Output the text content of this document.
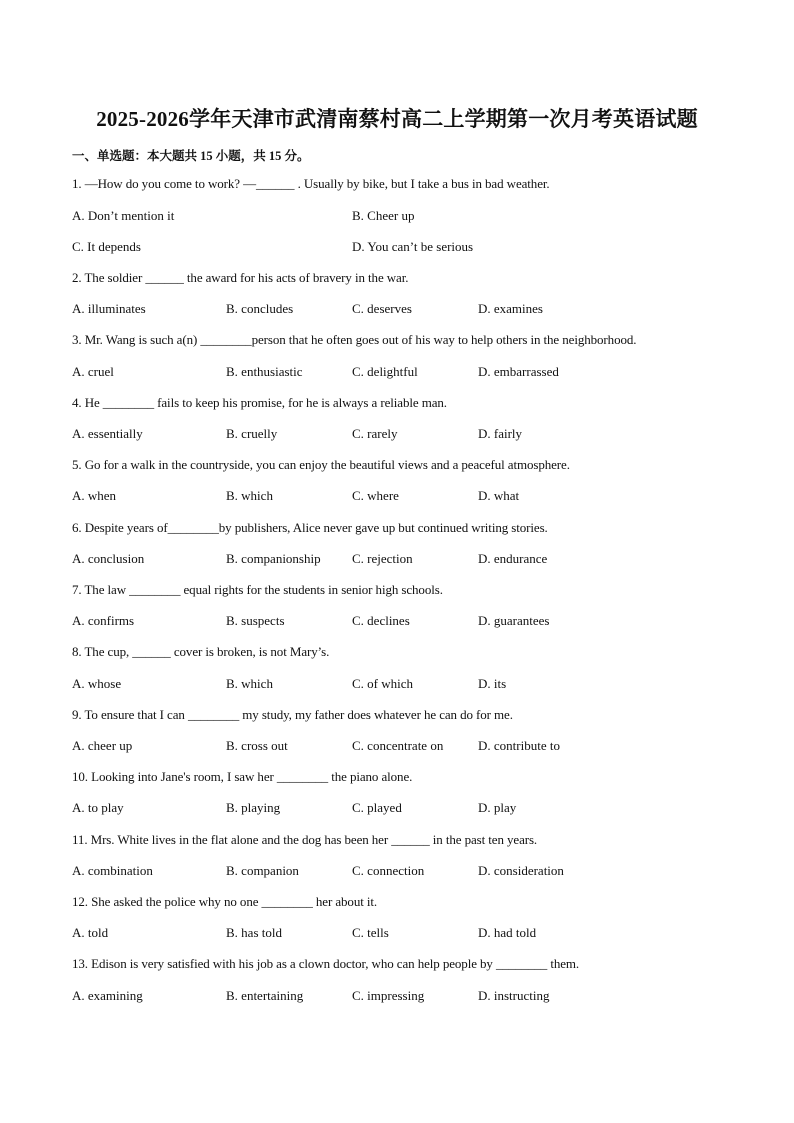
2025-2026学年天津市武清南蔡村高二上学期第一次月考英语试题
一、单选题：本大题共 15 小题，共 15 分。
1. —How do you come to work? —______ . Usually by bike, but I take a bus in bad weather.
A. Don’t mention it	B. Cheer up
C. It depends	D. You can’t be serious
2. The soldier ______ the award for his acts of bravery in the war.
A. illuminates	B. concludes	C. deserves	D. examines
3. Mr. Wang is such a(n) ________person that he often goes out of his way to help others in the neighborhood.
A. cruel	B. enthusiastic	C. delightful	D. embarrassed
4. He ________ fails to keep his promise, for he is always a reliable man.
A. essentially	B. cruelly	C. rarely	D. fairly
5. Go for a walk in the countryside, you can enjoy the beautiful views and a peaceful atmosphere.
A. when	B. which	C. where	D. what
6. Despite years of________by publishers, Alice never gave up but continued writing stories.
A. conclusion	B. companionship C. rejection	D. endurance
7. The law ________ equal rights for the students in senior high schools.
A. confirms	B. suspects	C. declines	D. guarantees
8. The cup, ______ cover is broken, is not Mary’s.
A. whose	B. which	C. of which	D. its
9. To ensure that I can ________ my study, my father does whatever he can do for me.
A. cheer up	B. cross out	C. concentrate on	D. contribute to
10. Looking into Jane's room, I saw her ________ the piano alone.
A. to play	B. playing	C. played	D. play
11. Mrs. White lives in the flat alone and the dog has been her ______ in the past ten years.
A. combination	B. companion	C. connection	D. consideration
12. She asked the police why no one ________ her about it.
A. told	B. has told	C. tells	D. had told
13. Edison is very satisfied with his job as a clown doctor, who can help people by ________ them.
A. examining	B. entertaining	C. impressing	D. instructing
